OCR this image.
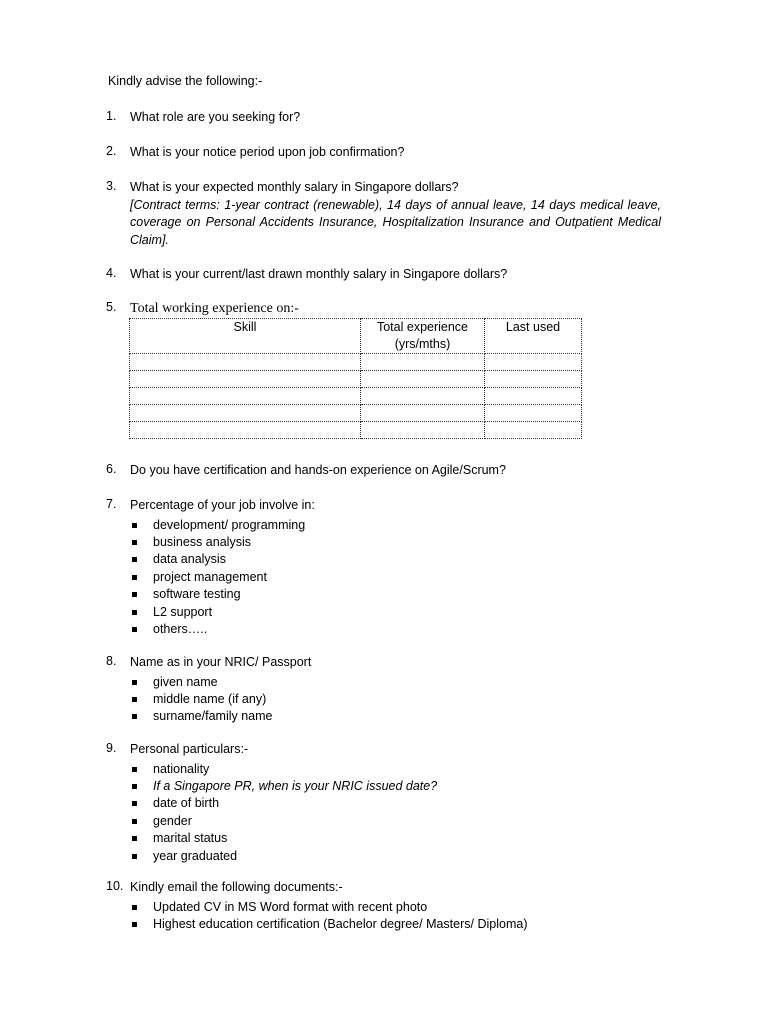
Kindly advise the following:-
1.	What role are you seeking for?
2.	What is your notice period upon job confirmation?
3.	What is your expected monthly salary in Singapore dollars?
[Contract terms: 1-year contract (renewable), 14 days of annual leave, 14 days medical leave, coverage on Personal Accidents Insurance, Hospitalization Insurance and Outpatient Medical Claim].
4.	What is your current/last drawn monthly salary in Singapore dollars?
5. Total working experience on:-
Skill	Total experience (yrs/mths)	Last used

6.	Do you have certification and hands-on experience on Agile/Scrum?
7.	Percentage of your job involve in:
development/ programming
business analysis
data analysis
project management
software testing
L2 support
others…..
8.	Name as in your NRIC/ Passport
given name
middle name (if any)
surname/family name
9.	Personal particulars:-
nationality
If a Singapore PR, when is your NRIC issued date?
date of birth
gender
marital status
year graduated
10. Kindly email the following documents:-
Updated CV in MS Word format with recent photo
Highest education certification (Bachelor degree/ Masters/ Diploma)
